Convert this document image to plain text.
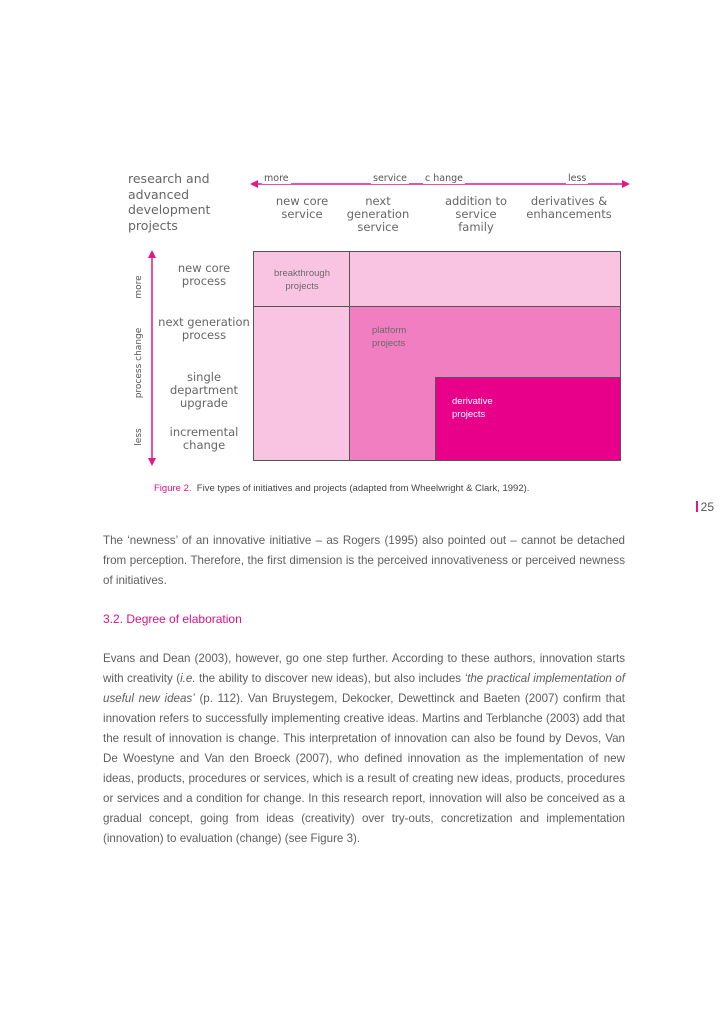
research and advanced development projects
more	service c hange	less
new core service
next generation service
addition to service family
derivatives & enhancements
more
process change
less
new core process
next generation process
single department upgrade
incremental change
breakthrough projects
platform projects
derivative projects
Figure 2. Five types of initiatives and projects (adapted from Wheelwright & Clark, 1992).
25
The ‘newness’ of an innovative initiative – as Rogers (1995) also pointed out – cannot be detached from perception. Therefore, the first dimension is the perceived innovativeness or perceived newness of initiatives.
3.2. Degree of elaboration
Evans and Dean (2003), however, go one step further. According to these authors, innovation starts with creativity (i.e. the ability to discover new ideas), but also includes ‘the practical implementation of useful new ideas’ (p. 112). Van Bruystegem, Dekocker, Dewettinck and Baeten (2007) confirm that innovation refers to successfully implementing creative ideas. Martins and Terblanche (2003) add that the result of innovation is change. This interpretation of innovation can also be found by Devos, Van De Woestyne and Van den Broeck (2007), who defined innovation as the implementation of new ideas, products, procedures or services, which is a result of creating new ideas, products, procedures or services and a condition for change. In this research report, innovation will also be conceived as a gradual concept, going from ideas (creativity) over try-outs, concretization and implementation (innovation) to evaluation (change) (see Figure 3).
